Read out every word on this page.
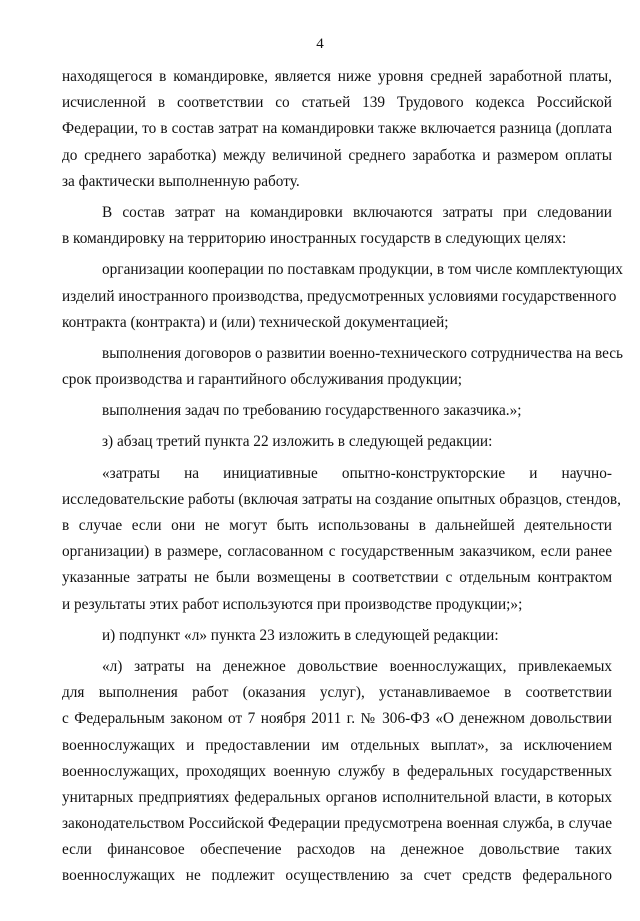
4
находящегося в командировке, является ниже уровня средней заработной платы,
исчисленной в соответствии со статьей 139 Трудового кодекса Российской
Федерации, то в состав затрат на командировки также включается разница (доплата
до среднего заработка) между величиной среднего заработка и размером оплаты
за фактически выполненную работу.
В состав затрат на командировки включаются затраты при следовании
в командировку на территорию иностранных государств в следующих целях:
организации кооперации по поставкам продукции, в том числе комплектующих
изделий иностранного производства, предусмотренных условиями государственного
контракта (контракта) и (или) технической документацией;
выполнения договоров о развитии военно-технического сотрудничества на весь
срок производства и гарантийного обслуживания продукции;
выполнения задач по требованию государственного заказчика.»;
з) абзац третий пункта 22 изложить в следующей редакции:
«затраты на инициативные опытно-конструкторские и научно-
исследовательские работы (включая затраты на создание опытных образцов, стендов,
в случае если они не могут быть использованы в дальнейшей деятельности
организации) в размере, согласованном с государственным заказчиком, если ранее
указанные затраты не были возмещены в соответствии с отдельным контрактом
и результаты этих работ используются при производстве продукции;»;
и) подпункт «л» пункта 23 изложить в следующей редакции:
«л) затраты на денежное довольствие военнослужащих, привлекаемых
для выполнения работ (оказания услуг), устанавливаемое в соответствии
с Федеральным законом от 7 ноября 2011 г. № 306-ФЗ «О денежном довольствии
военнослужащих и предоставлении им отдельных выплат», за исключением
военнослужащих, проходящих военную службу в федеральных государственных
унитарных предприятиях федеральных органов исполнительной власти, в которых
законодательством Российской Федерации предусмотрена военная служба, в случае
если финансовое обеспечение расходов на денежное довольствие таких
военнослужащих не подлежит осуществлению за счет средств федерального
